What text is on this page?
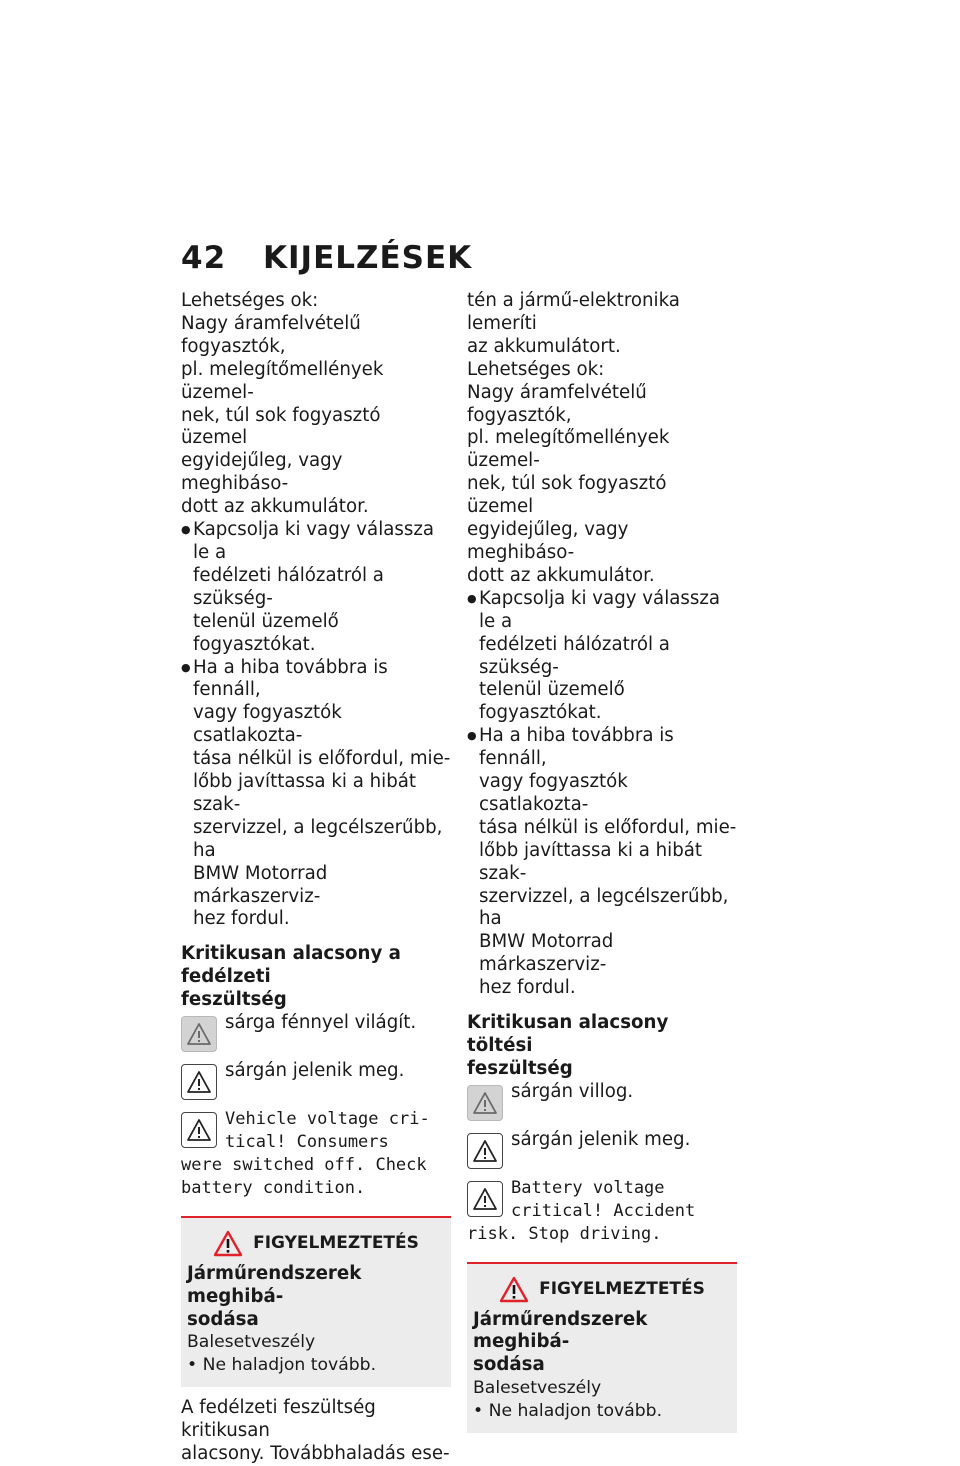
42 KIJELZÉSEK

Lehetséges ok:

Nagy áramfelvételű fogyasztók,

pl. melegítőmellények üzemel-

nek, túl sok fogyasztó üzemel

egyidejűleg, vagy meghibáso-

dott az akkumulátor.

● Kapcsolja ki vagy válassza le a
fedélzeti hálózatról a szükség-
telenül üzemelő fogyasztókat.
● Ha a hiba továbbra is fennáll,
vagy fogyasztók csatlakozta-
tása nélkül is előfordul, mie-
lőbb javíttassa ki a hibát szak-
szervizzel, a legcélszerűbb, ha
BMW Motorrad márkaszerviz-
hez fordul.
Kritikusan alacsony a fedélzeti
feszültség
sárga fénnyel világít.
sárgán jelenik meg.
Vehicle voltage cri-
tical! Consumers
were switched off. Check
battery condition.
FIGYELMEZTETÉS
Járműrendszerek meghibá-
sodása

Balesetveszély

• Ne haladjon tovább.

A fedélzeti feszültség kritikusan

alacsony. Továbbhaladás ese-

tén a jármű-elektronika lemeríti

az akkumulátort.

Lehetséges ok:

Nagy áramfelvételű fogyasztók,

pl. melegítőmellények üzemel-

nek, túl sok fogyasztó üzemel

egyidejűleg, vagy meghibáso-

dott az akkumulátor.

● Kapcsolja ki vagy válassza le a
fedélzeti hálózatról a szükség-
telenül üzemelő fogyasztókat.
● Ha a hiba továbbra is fennáll,
vagy fogyasztók csatlakozta-
tása nélkül is előfordul, mie-
lőbb javíttassa ki a hibát szak-
szervizzel, a legcélszerűbb, ha
BMW Motorrad márkaszerviz-
hez fordul.
Kritikusan alacsony töltési
feszültség
sárgán villog.
sárgán jelenik meg.
Battery voltage
critical! Accident
risk. Stop driving.
FIGYELMEZTETÉS
Járműrendszerek meghibá-
sodása

Balesetveszély

• Ne haladjon tovább.
